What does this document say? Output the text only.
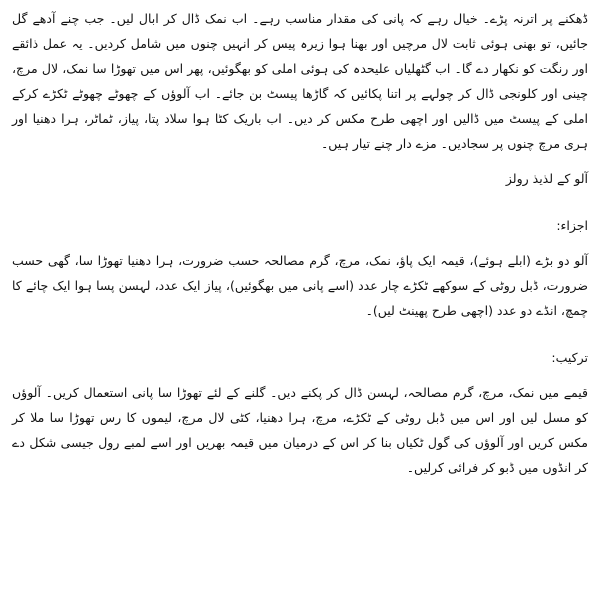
ڈھکنے پر اترنہ پڑے۔ خیال رہے کہ پانی کی مقدار مناسب رہے۔ اب نمک ڈال کر ابال لیں۔ جب چنے آدھے گل جائیں، تو بھنی ہوئی ثابت لال مرچیں اور بھنا ہوا زیرہ پیس کر انہیں چنوں میں شامل کردیں۔ یہ عمل ذائقے اور رنگت کو نکھار دے گا۔ اب گٹھلیاں علیحدہ کی ہوئی املی کو بھگوئیں، پھر اس میں تھوڑا سا نمک، لال مرچ، چینی اور کلونجی ڈال کر چولہے پر اتنا پکائیں کہ گاڑھا پیسٹ بن جائے۔ اب آلوؤں کے چھوٹے چھوٹے ٹکڑے کرکے املی کے پیسٹ میں ڈالیں اور اچھی طرح مکس کر دیں۔ اب باریک کٹا ہوا سلاد پتا، پیاز، ٹماٹر، ہرا دھنیا اور ہری مرچ چنوں پر سجادیں۔ مزے دار چنے تیار ہیں۔

آلو کے لذیذ رولز

اجزاء:

آلو دو بڑے (ابلے ہوئے)، قیمہ ایک پاؤ، نمک، مرچ، گرم مصالحہ حسب ضرورت، ہرا دھنیا تھوڑا سا، گھی حسب ضرورت، ڈبل روٹی کے سوکھے ٹکڑے چار عدد (اسے پانی میں بھگوئیں)، پیاز ایک عدد، لہسن پسا ہوا ایک چائے کا چمچ، انڈے دو عدد (اچھی طرح پھینٹ لیں)۔

ترکیب:

قیمے میں نمک، مرچ، گرم مصالحہ، لہسن ڈال کر پکنے دیں۔ گلنے کے لئے تھوڑا سا پانی استعمال کریں۔ آلوؤں کو مسل لیں اور اس میں ڈبل روٹی کے ٹکڑے، مرچ، ہرا دھنیا، کٹی لال مرچ، لیموں کا رس تھوڑا سا ملا کر مکس کریں اور آلوؤں کی گول ٹکیاں بنا کر اس کے درمیان میں قیمہ بھریں اور اسے لمبے رول جیسی شکل دے کر انڈوں میں ڈبو کر فرائی کرلیں۔
